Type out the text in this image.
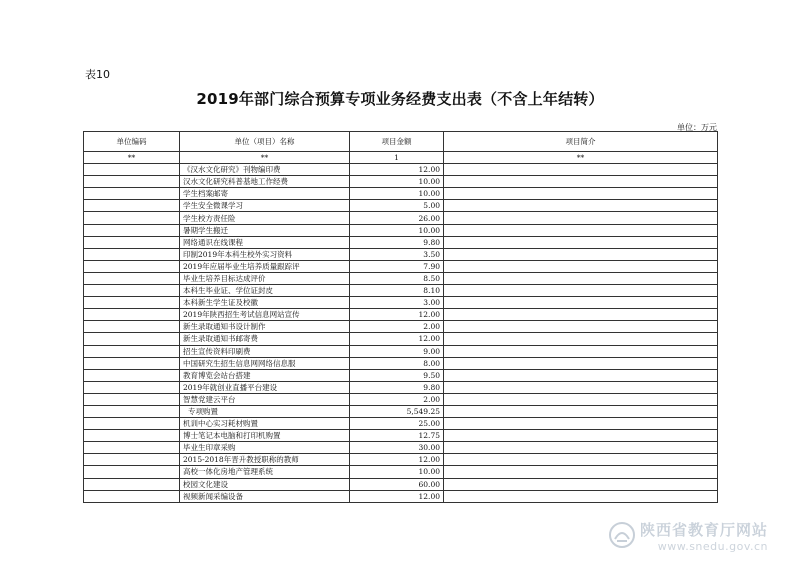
表10
2019年部门综合预算专项业务经费支出表（不含上年结转）
单位：万元
单位编码	单位（项目）名称	项目金额	项目简介
**	**	1	**
	《汉水文化研究》刊物编印费	12.00	
	汉水文化研究科普基地工作经费	10.00	
	学生档案邮寄	10.00	
	学生安全微课学习	5.00	
	学生校方责任险	26.00	
	暑期学生搬迁	10.00	
	网络通识在线课程	9.80	
	印制2019年本科生校外实习资料	3.50	
	2019年应届毕业生培养质量跟踪评	7.90	
	毕业生培养目标达成评价	8.50	
	本科生毕业证、学位证封皮	8.10	
	本科新生学生证及校徽	3.00	
	2019年陕西招生考试信息网站宣传	12.00	
	新生录取通知书设计制作	2.00	
	新生录取通知书邮寄费	12.00	
	招生宣传资料印刷费	9.00	
	中国研究生招生信息网网络信息服	8.00	
	教育博览会站台搭建	9.50	
	2019年就创业直播平台建设	9.80	
	智慧党建云平台	2.00	
	专项购置	5,549.25	
	机训中心实习耗材购置	25.00	
	博士笔记本电脑和打印机购置	12.75	
	毕业生印章采购	30.00	
	2015-2018年晋升教授职称的教师	12.00	
	高校一体化房地产管理系统	10.00	
	校园文化建设	60.00	
	视频新闻采编设备	12.00	
陕西省教育厅网站
www.snedu.gov.cn
